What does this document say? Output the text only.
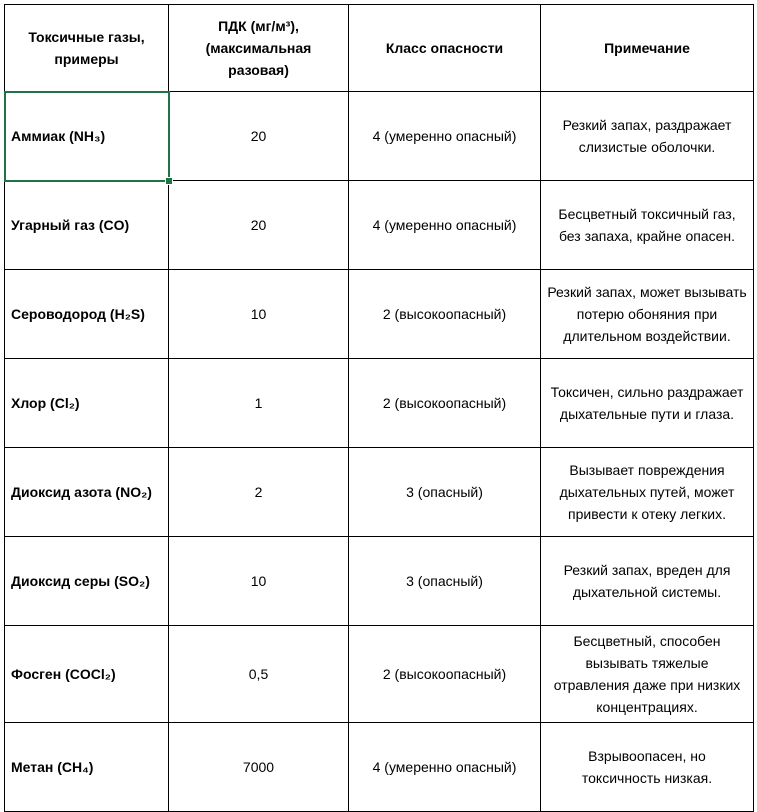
Токсичные газы, примеры	ПДК (мг/м³), (максимальная разовая)	Класс опасности	Примечание
Аммиак (NH₃)	20	4 (умеренно опасный)	Резкий запах, раздражает слизистые оболочки.
Угарный газ (CO)	20	4 (умеренно опасный)	Бесцветный токсичный газ, без запаха, крайне опасен.
Сероводород (H₂S)	10	2 (высокоопасный)	Резкий запах, может вызывать потерю обоняния при длительном воздействии.
Хлор (Cl₂)	1	2 (высокоопасный)	Токсичен, сильно раздражает дыхательные пути и глаза.
Диоксид азота (NO₂)	2	3 (опасный)	Вызывает повреждения дыхательных путей, может привести к отеку легких.
Диоксид серы (SO₂)	10	3 (опасный)	Резкий запах, вреден для дыхательной системы.
Фосген (COCl₂)	0,5	2 (высокоопасный)	Бесцветный, способен вызывать тяжелые отравления даже при низких концентрациях.
Метан (CH₄)	7000	4 (умеренно опасный)	Взрывоопасен, но токсичность низкая.
